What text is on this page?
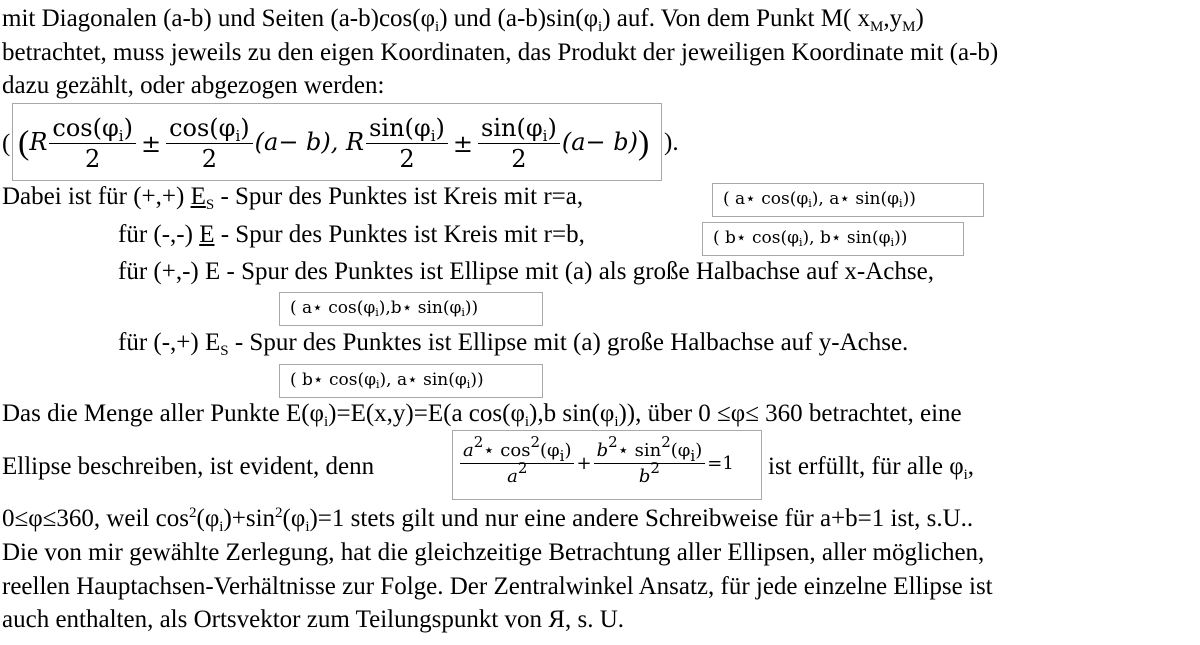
mit Diagonalen (a-b) und Seiten $(a-b)\cos(\varphi_i)$ und $(a-b)\sin(\varphi_i)$ auf. Von dem Punkt M( $x_M,y_M$)
betrachtet, muss jeweils zu den eigen Koordinaten, das Produkt der jeweiligen Koordinate mit (a-b)
dazu gezählt, oder abgezogen werden:
( ($R \frac{\cos(\varphi_i)}{2} \pm \frac{\cos(\varphi_i)}{2} (a- b)$, R $\frac{\sin(\varphi_i)}{2} \pm \frac{\sin(\varphi_i)}{2} (a- b)$) ).
Dabei ist für (+,+) $E_S$ - Spur des Punktes ist Kreis mit r=a,	( a⋆ cos(φi), a⋆ sin(φi))
für (-,-) E - Spur des Punktes ist Kreis mit r=b,	( b⋆ cos(φi), b⋆ sin(φi))
für (+,-) E - Spur des Punktes ist Ellipse mit (a) als große Halbachse auf x-Achse,
( a⋆ cos(φi),b⋆ sin(φi))
für (-,+) $E_S$ - Spur des Punktes ist Ellipse mit (a) große Halbachse auf y-Achse.
( b⋆ cos(φi), a⋆ sin(φi))
Das die Menge aller Punkte $E(\varphi_i)=E(x,y)=E(a$ $\cos(\varphi_i),b$ $\sin(\varphi_i)$), über 0 ≤φ≤ 360 betrachtet, eine
Ellipse beschreiben, ist evident, denn	$\frac{a^2⋆ \cos^2(\varphi_i)}{a^2} + \frac{b^2⋆ \sin^2(\varphi_i)}{b^2} =1$ ist erfüllt, für alle $\varphi_i$,
0≤φ≤360, weil $\cos^2(\varphi_i)+\sin^2(\varphi_i)=1$ stets gilt und nur eine andere Schreibweise für a+b=1 ist, s.U..
Die von mir gewählte Zerlegung, hat die gleichzeitige Betrachtung aller Ellipsen, aller möglichen,
reellen Hauptachsen-Verhältnisse zur Folge. Der Zentralwinkel Ansatz, für jede einzelne Ellipse ist
auch enthalten, als Ortsvektor zum Teilungspunkt von Я, s. U.
